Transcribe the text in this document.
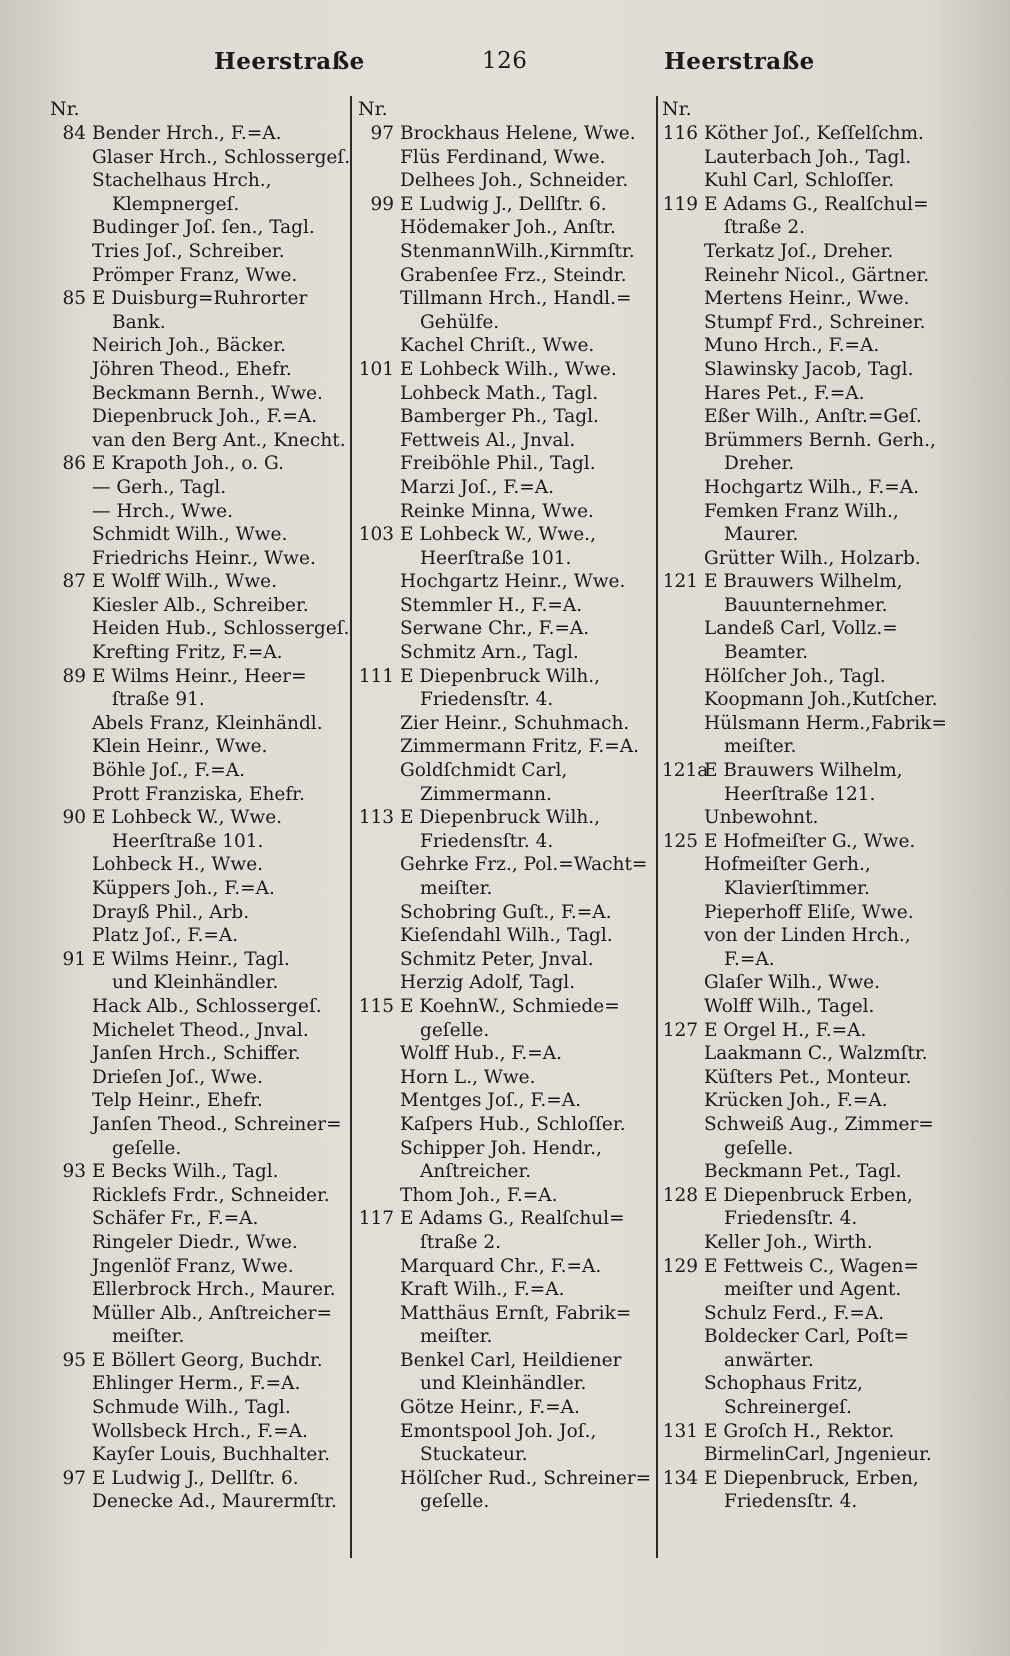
Heerstraße	126	Heerstraße
Nr.
84 Bender Hrch., F.=A.
Glaser Hrch., Schlossergeſ.
Stachelhaus Hrch.,
Klempnergeſ.
Budinger Joſ. ſen., Tagl.
Tries Joſ., Schreiber.
Prömper Franz, Wwe.
85 E Duisburg=Ruhrorter
Bank.
Neirich Joh., Bäcker.
Jöhren Theod., Ehefr.
Beckmann Bernh., Wwe.
Diepenbruck Joh., F.=A.
van den Berg Ant., Knecht.
86 E Krapoth Joh., o. G.
— Gerh., Tagl.
— Hrch., Wwe.
Schmidt Wilh., Wwe.
Friedrichs Heinr., Wwe.
87 E Wolff Wilh., Wwe.
Kiesler Alb., Schreiber.
Heiden Hub., Schlossergeſ.
Krefting Fritz, F.=A.
89 E Wilms Heinr., Heer=
ſtraße 91.
Abels Franz, Kleinhändl.
Klein Heinr., Wwe.
Böhle Joſ., F.=A.
Prott Franziska, Ehefr.
90 E Lohbeck W., Wwe.
Heerſtraße 101.
Lohbeck H., Wwe.
Küppers Joh., F.=A.
Drayß Phil., Arb.
Platz Joſ., F.=A.
91 E Wilms Heinr., Tagl.
und Kleinhändler.
Hack Alb., Schlossergeſ.
Michelet Theod., Jnval.
Janſen Hrch., Schiffer.
Drieſen Joſ., Wwe.
Telp Heinr., Ehefr.
Janſen Theod., Schreiner=
geſelle.
93 E Becks Wilh., Tagl.
Ricklefs Frdr., Schneider.
Schäfer Fr., F.=A.
Ringeler Diedr., Wwe.
Jngenlöf Franz, Wwe.
Ellerbrock Hrch., Maurer.
Müller Alb., Anſtreicher=
meiſter.
95 E Böllert Georg, Buchdr.
Ehlinger Herm., F.=A.
Schmude Wilh., Tagl.
Wollsbeck Hrch., F.=A.
Kayſer Louis, Buchhalter.
97 E Ludwig J., Dellſtr. 6.
Denecke Ad., Maurermſtr.
Nr.
97 Brockhaus Helene, Wwe.
Flüs Ferdinand, Wwe.
Delhees Joh., Schneider.
99 E Ludwig J., Dellſtr. 6.
Hödemaker Joh., Anſtr.
StenmannWilh.,Kirnmſtr.
Grabenſee Frz., Steindr.
Tillmann Hrch., Handl.=
Gehülfe.
Kachel Chriſt., Wwe.
101 E Lohbeck Wilh., Wwe.
Lohbeck Math., Tagl.
Bamberger Ph., Tagl.
Fettweis Al., Jnval.
Freiböhle Phil., Tagl.
Marzi Joſ., F.=A.
Reinke Minna, Wwe.
103 E Lohbeck W., Wwe.,
Heerſtraße 101.
Hochgartz Heinr., Wwe.
Stemmler H., F.=A.
Serwane Chr., F.=A.
Schmitz Arn., Tagl.
111 E Diepenbruck Wilh.,
Friedensſtr. 4.
Zier Heinr., Schuhmach.
Zimmermann Fritz, F.=A.
Goldſchmidt Carl,
Zimmermann.
113 E Diepenbruck Wilh.,
Friedensſtr. 4.
Gehrke Frz., Pol.=Wacht=
meiſter.
Schobring Guſt., F.=A.
Kieſendahl Wilh., Tagl.
Schmitz Peter, Jnval.
Herzig Adolf, Tagl.
115 E KoehnW., Schmiede=
geſelle.
Wolff Hub., F.=A.
Horn L., Wwe.
Mentges Joſ., F.=A.
Kaſpers Hub., Schloſſer.
Schipper Joh. Hendr.,
Anſtreicher.
Thom Joh., F.=A.
117 E Adams G., Realſchul=
ſtraße 2.
Marquard Chr., F.=A.
Kraft Wilh., F.=A.
Matthäus Ernſt, Fabrik=
meiſter.
Benkel Carl, Heildiener
und Kleinhändler.
Götze Heinr., F.=A.
Emontspool Joh. Joſ.,
Stuckateur.
Hölſcher Rud., Schreiner=
geſelle.
Nr.
116 Köther Joſ., Keſſelſchm.
Lauterbach Joh., Tagl.
Kuhl Carl, Schloſſer.
119 E Adams G., Realſchul=
ſtraße 2.
Terkatz Joſ., Dreher.
Reinehr Nicol., Gärtner.
Mertens Heinr., Wwe.
Stumpf Frd., Schreiner.
Muno Hrch., F.=A.
Slawinsky Jacob, Tagl.
Hares Pet., F.=A.
Eßer Wilh., Anſtr.=Geſ.
Brümmers Bernh. Gerh.,
Dreher.
Hochgartz Wilh., F.=A.
Femken Franz Wilh.,
Maurer.
Grütter Wilh., Holzarb.
121 E Brauwers Wilhelm,
Bauunternehmer.
Landeß Carl, Vollz.=
Beamter.
Hölſcher Joh., Tagl.
Koopmann Joh.,Kutſcher.
Hülsmann Herm.,Fabrik=
meiſter.
121a
E Brauwers Wilhelm,
Heerſtraße 121.
Unbewohnt.
125 E Hofmeiſter G., Wwe.
Hofmeiſter Gerh.,
Klavierſtimmer.
Pieperhoff Eliſe, Wwe.
von der Linden Hrch.,
F.=A.
Glaſer Wilh., Wwe.
Wolff Wilh., Tagel.
127 E Orgel H., F.=A.
Laakmann C., Walzmſtr.
Küſters Pet., Monteur.
Krücken Joh., F.=A.
Schweiß Aug., Zimmer=
geſelle.
Beckmann Pet., Tagl.
128 E Diepenbruck Erben,
Friedensſtr. 4.
Keller Joh., Wirth.
129 E Fettweis C., Wagen=
meiſter und Agent.
Schulz Ferd., F.=A.
Boldecker Carl, Poſt=
anwärter.
Schophaus Fritz,
Schreinergeſ.
131 E Groſch H., Rektor.
BirmelinCarl, Jngenieur.
134 E Diepenbruck, Erben,
Friedensſtr. 4.
